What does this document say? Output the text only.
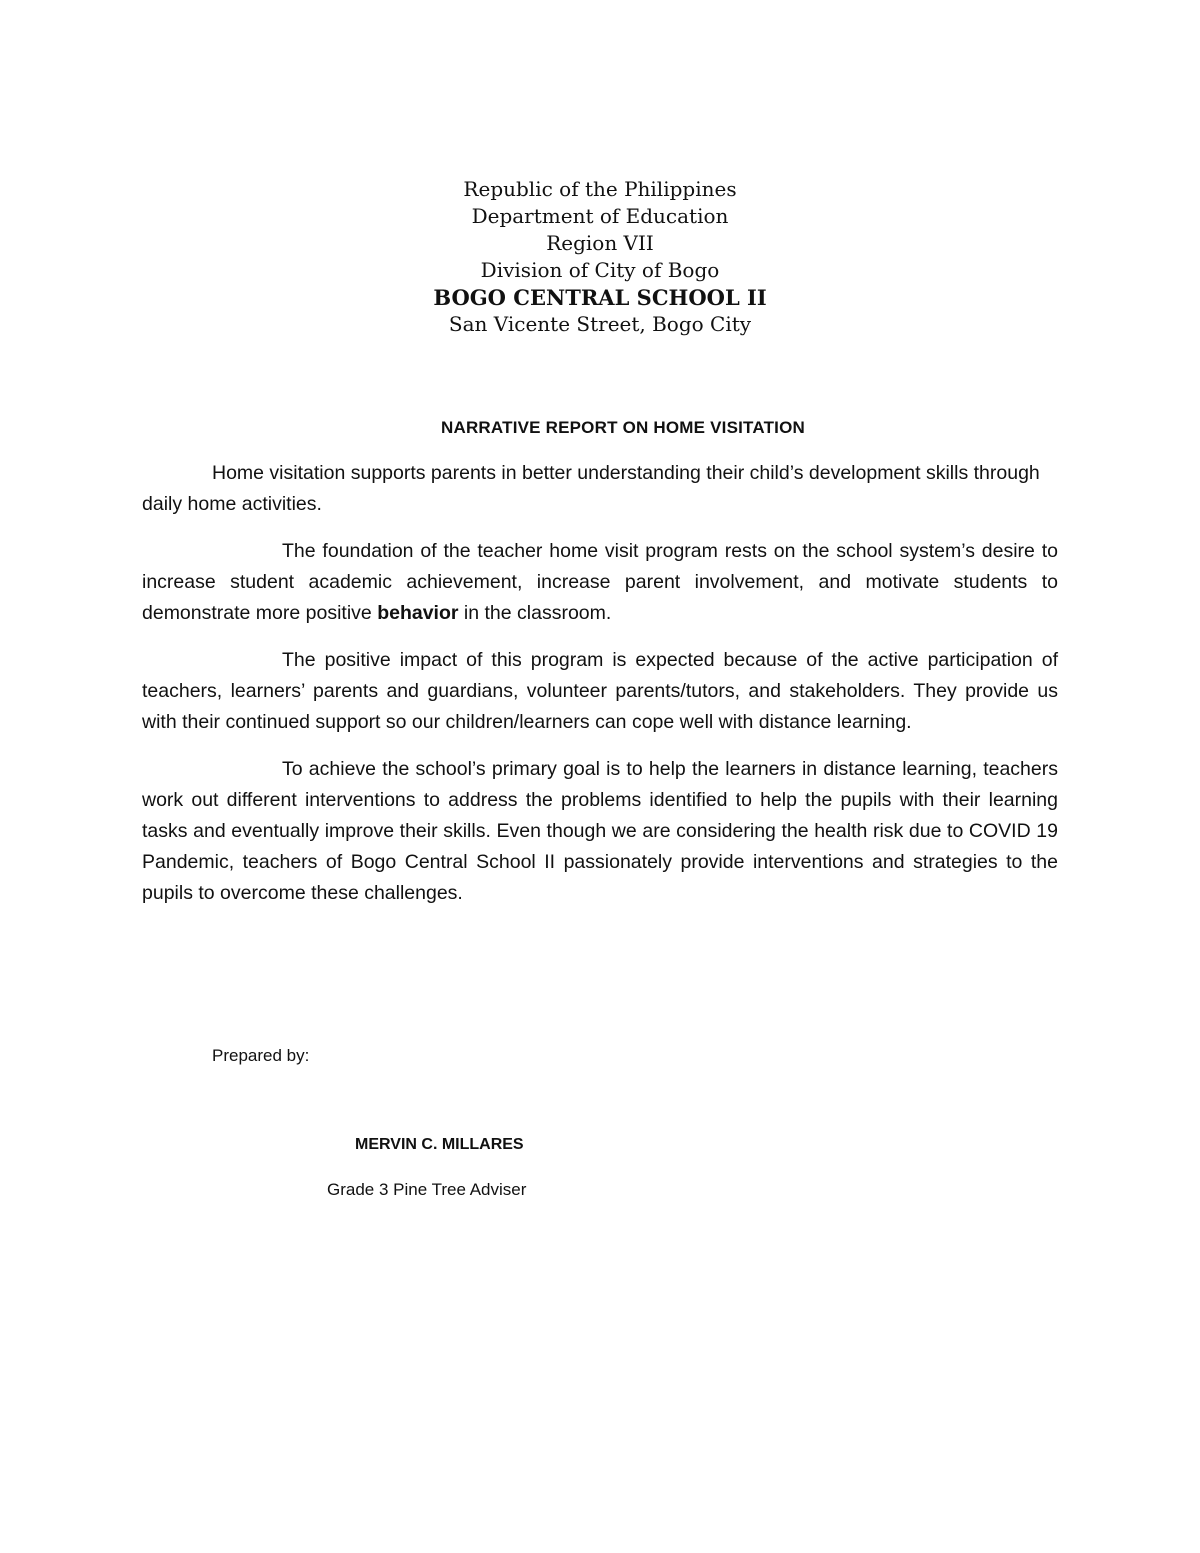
Republic of the Philippines
Department of Education
Region VII
Division of City of Bogo
BOGO CENTRAL SCHOOL II
San Vicente Street, Bogo City
NARRATIVE REPORT ON HOME VISITATION

Home visitation supports parents in better understanding their child’s development skills through daily home activities.

The foundation of the teacher home visit program rests on the school system’s desire to increase student academic achievement, increase parent involvement, and motivate students to demonstrate more positive behavior in the classroom.

The positive impact of this program is expected because of the active participation of teachers, learners’ parents and guardians, volunteer parents/tutors, and stakeholders. They provide us with their continued support so our children/learners can cope well with distance learning.

To achieve the school’s primary goal is to help the learners in distance learning, teachers work out different interventions to address the problems identified to help the pupils with their learning tasks and eventually improve their skills. Even though we are considering the health risk due to COVID 19 Pandemic, teachers of Bogo Central School II passionately provide interventions and strategies to the pupils to overcome these challenges.

Prepared by:
MERVIN C. MILLARES
Grade 3 Pine Tree Adviser
